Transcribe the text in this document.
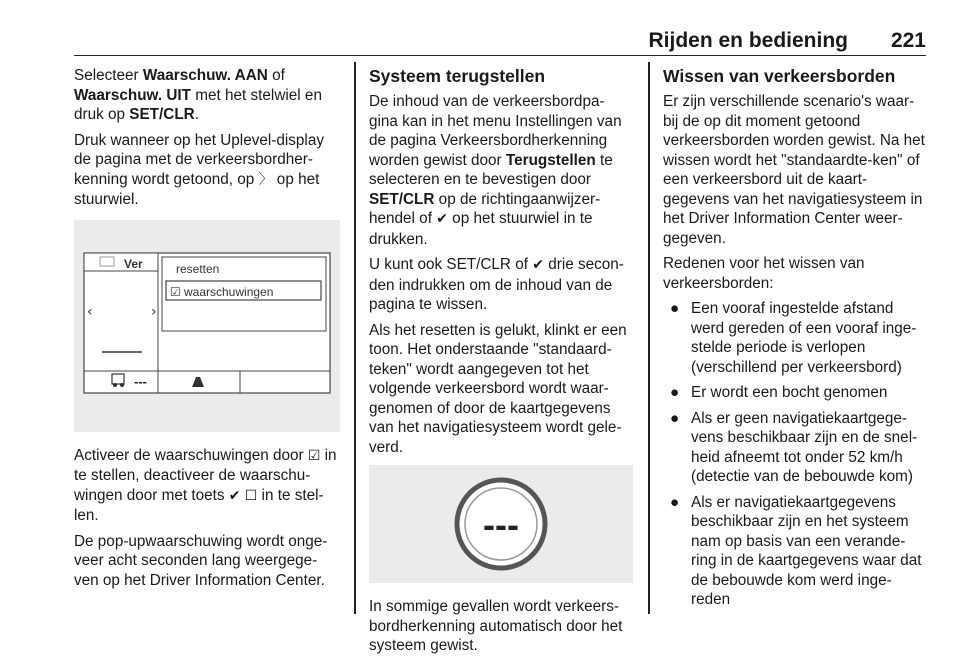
Rijden en bediening 221

Selecteer Waarschuw. AAN of
Waarschuw. UIT met het stelwiel en druk op SET/CLR.

Druk wanneer op het Uplevel-display de pagina met de verkeersbordher-kenning wordt getoond, op 〉 op het stuurwiel.

Ver
‹	›
resetten
☑ waarschuwingen
---

Activeer de waarschuwingen door ☑ in te stellen, deactiveer de waarschu-wingen door met toets ✔ ☐ in te stel-len.

De pop-upwaarschuwing wordt onge-veer acht seconden lang weergege-ven op het Driver Information Center.

Systeem terugstellen

De inhoud van de verkeersbordpa-gina kan in het menu Instellingen van de pagina Verkeersbordherkenning worden gewist door Terugstellen te selecteren en te bevestigen door SET/CLR op de richtingaanwijzer-hendel of ✔ op het stuurwiel in te drukken.

U kunt ook SET/CLR of ✔ drie secon-den indrukken om de inhoud van de pagina te wissen.

Als het resetten is gelukt, klinkt er een toon. Het onderstaande "standaard-teken" wordt aangegeven tot het volgende verkeersbord wordt waar-genomen of door de kaartgegevens van het navigatiesysteem wordt gele-verd.

---

In sommige gevallen wordt verkeers-bordherkenning automatisch door het systeem gewist.

Wissen van verkeersborden

Er zijn verschillende scenario's waar-bij de op dit moment getoond verkeersborden worden gewist. Na het wissen wordt het "standaardte-ken" of een verkeersbord uit de kaart-gegevens van het navigatiesysteem in het Driver Information Center weer-gegeven.

Redenen voor het wissen van verkeersborden:

● Een vooraf ingestelde afstand werd gereden of een vooraf inge-stelde periode is verlopen (verschillend per verkeersbord)
● Er wordt een bocht genomen
● Als er geen navigatiekaartgege-vens beschikbaar zijn en de snel-heid afneemt tot onder 52 km/h (detectie van de bebouwde kom)
● Als er navigatiekaartgegevens beschikbaar zijn en het systeem nam op basis van een verande-ring in de kaartgegevens waar dat de bebouwde kom werd inge-reden
